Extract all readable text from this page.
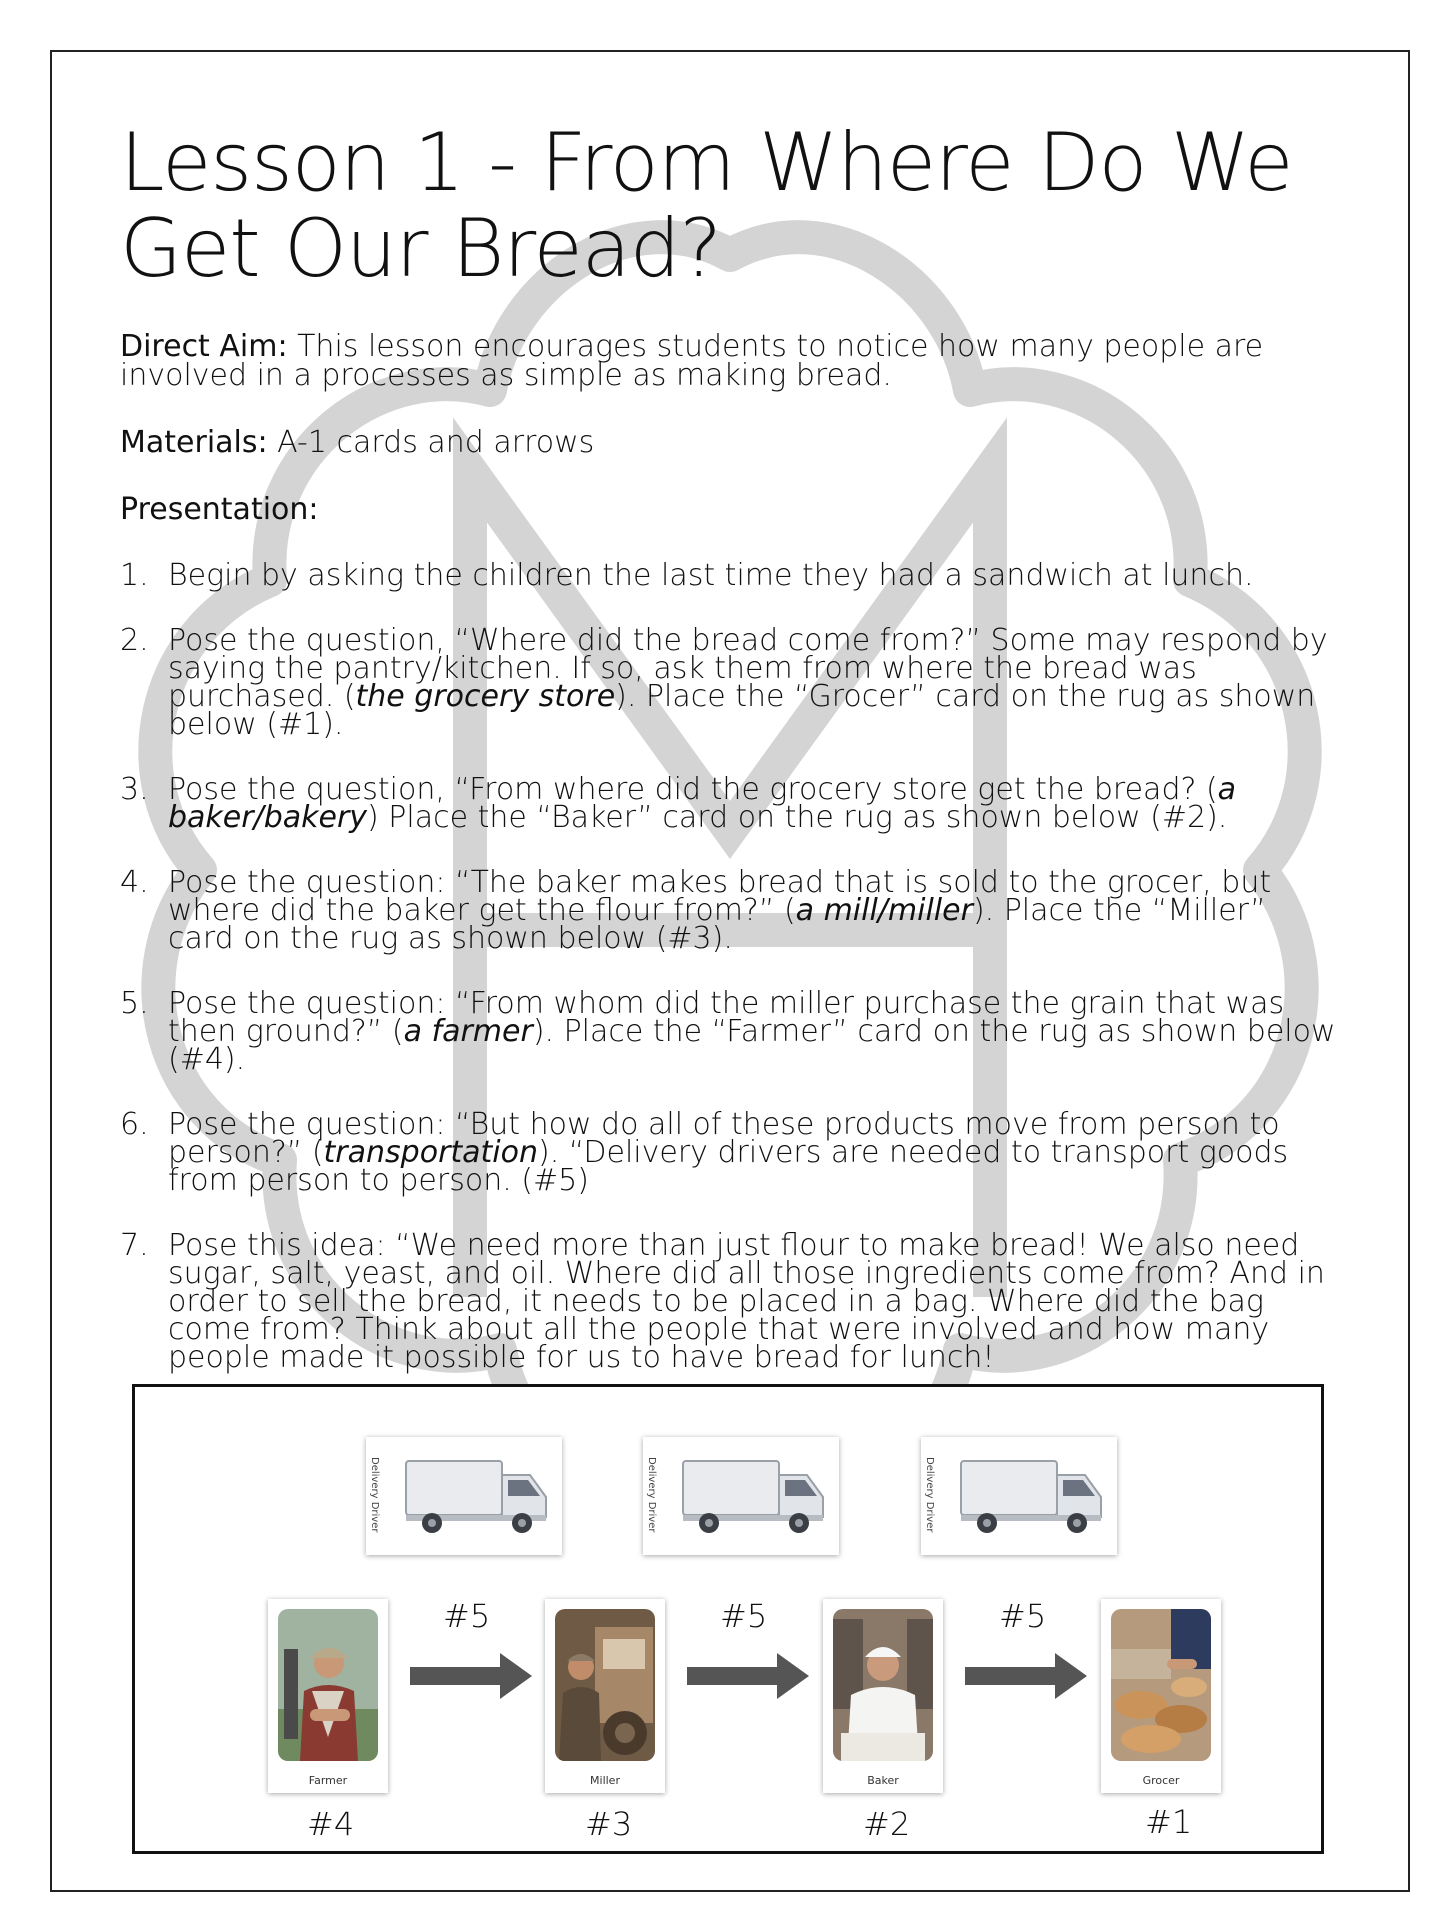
Lesson 1 - From Where Do We Get Our Bread?

Direct Aim: This lesson encourages students to notice how many people are involved in a processes as simple as making bread.

Materials: A-1 cards and arrows

Presentation:

1. Begin by asking the children the last time they had a sandwich at lunch.
2. Pose the question, “Where did the bread come from?” Some may respond by saying the pantry/kitchen. If so, ask them from where the bread was purchased. (the grocery store). Place the “Grocer” card on the rug as shown below (#1).
3. Pose the question, “From where did the grocery store get the bread? (a baker/bakery) Place the “Baker” card on the rug as shown below (#2).
4. Pose the question: “The baker makes bread that is sold to the grocer, but where did the baker get the flour from?” (a mill/miller). Place the “Miller” card on the rug as shown below (#3).
5. Pose the question: “From whom did the miller purchase the grain that was then ground?” (a farmer). Place the “Farmer” card on the rug as shown below (#4).
6. Pose the question: “But how do all of these products move from person to person?” (transportation). “Delivery drivers are needed to transport goods from person to person. (#5)
7. Pose this idea: “We need more than just flour to make bread! We also need sugar, salt, yeast, and oil. Where did all those ingredients come from? And in order to sell the bread, it needs to be placed in a bag. Where did the bag come from? Think about all the people that were involved and how many people made it possible for us to have bread for lunch!
Delivery Driver	Delivery Driver	Delivery Driver
#5	#5	#5
Farmer	Miller	Baker	Grocer
#4	#3	#2	#1
